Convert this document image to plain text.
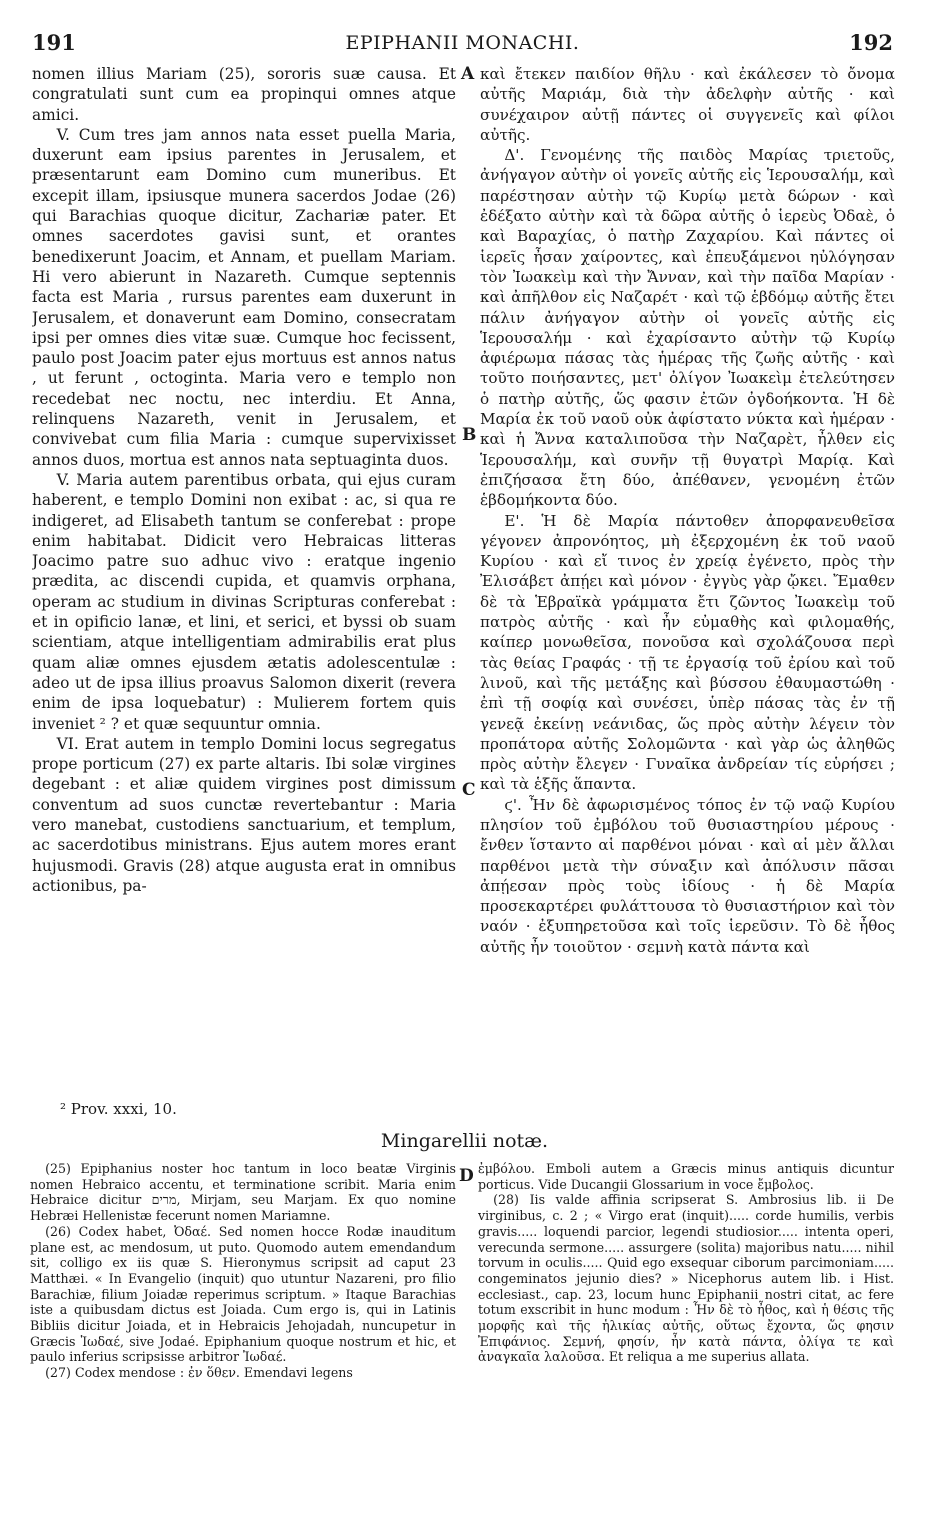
191	EPIPHANII MONACHI.	192

nomen illius Mariam (25), sororis suæ causa. Et congratulati sunt cum ea propinqui omnes atque amici.

V. Cum tres jam annos nata esset puella Maria, duxerunt eam ipsius parentes in Jerusalem, et præsentarunt eam Domino cum muneribus. Et excepit illam, ipsiusque munera sacerdos Jodae (26) qui Barachias quoque dicitur, Zachariæ pater. Et omnes sacerdotes gavisi sunt, et orantes benedixerunt Joacim, et Annam, et puellam Mariam. Hi vero abierunt in Nazareth. Cumque septennis facta est Maria , rursus parentes eam duxerunt in Jerusalem, et donaverunt eam Domino, consecratam ipsi per omnes dies vitæ suæ. Cumque hoc fecissent, paulo post Joacim pater ejus mortuus est annos natus , ut ferunt , octoginta. Maria vero e templo non recedebat nec noctu, nec interdiu. Et Anna, relinquens Nazareth, venit in Jerusalem, et convivebat cum filia Maria : cumque supervixisset annos duos, mortua est annos nata septuaginta duos.

V. Maria autem parentibus orbata, qui ejus curam haberent, e templo Domini non exibat : ac, si qua re indigeret, ad Elisabeth tantum se conferebat : prope enim habitabat. Didicit vero Hebraicas litteras Joacimo patre suo adhuc vivo : eratque ingenio prædita, ac discendi cupida, et quamvis orphana, operam ac studium in divinas Scripturas conferebat : et in opificio lanæ, et lini, et serici, et byssi ob suam scientiam, atque intelligentiam admirabilis erat plus quam aliæ omnes ejusdem ætatis adolescentulæ : adeo ut de ipsa illius proavus Salomon dixerit (revera enim de ipsa loquebatur) : Mulierem fortem quis inveniet ² ? et quæ sequuntur omnia.

VI. Erat autem in templo Domini locus segregatus prope porticum (27) ex parte altaris. Ibi solæ virgines degebant : et aliæ quidem virgines post dimissum conventum ad suos cunctæ revertebantur : Maria vero manebat, custodiens sanctuarium, et templum, ac sacerdotibus ministrans. Ejus autem mores erant hujusmodi. Gravis (28) atque augusta erat in omnibus actionibus, pa-

A
B
C
D

καὶ ἔτεκεν παιδίον θῆλυ · καὶ ἐκάλεσεν τὸ ὄνομα αὐτῆς Μαριάμ, διὰ τὴν ἀδελφὴν αὐτῆς · καὶ συνέχαιρον αὐτῇ πάντες οἱ συγγενεῖς καὶ φίλοι αὐτῆς.

Δ'. Γενομένης τῆς παιδὸς Μαρίας τριετοῦς, ἀνήγαγον αὐτὴν οἱ γονεῖς αὐτῆς εἰς Ἱερουσαλήμ, καὶ παρέστησαν αὐτὴν τῷ Κυρίῳ μετὰ δώρων · καὶ ἐδέξατο αὐτὴν καὶ τὰ δῶρα αὐτῆς ὁ ἱερεὺς Ὀδαὲ, ὁ καὶ Βαραχίας, ὁ πατὴρ Ζαχαρίου. Καὶ πάντες οἱ ἱερεῖς ἦσαν χαίροντες, καὶ ἐπευξάμενοι ηὐλόγησαν τὸν Ἰωακεὶμ καὶ τὴν Ἄνναν, καὶ τὴν παῖδα Μαρίαν · καὶ ἀπῆλθον εἰς Ναζαρέτ · καὶ τῷ ἑβδόμῳ αὐτῆς ἔτει πάλιν ἀνήγαγον αὐτὴν οἱ γονεῖς αὐτῆς εἰς Ἱερουσαλήμ · καὶ ἐχαρίσαντο αὐτὴν τῷ Κυρίῳ ἀφιέρωμα πάσας τὰς ἡμέρας τῆς ζωῆς αὐτῆς · καὶ τοῦτο ποιήσαντες, μετ' ὀλίγον Ἰωακεὶμ ἐτελεύτησεν ὁ πατὴρ αὐτῆς, ὥς φασιν ἐτῶν ὀγδοήκοντα. Ἡ δὲ Μαρία ἐκ τοῦ ναοῦ οὐκ ἀφίστατο νύκτα καὶ ἡμέραν · καὶ ἡ Ἄννα καταλιποῦσα τὴν Ναζαρὲτ, ἦλθεν εἰς Ἱερουσαλήμ, καὶ συνῆν τῇ θυγατρὶ Μαρίᾳ. Καὶ ἐπιζήσασα ἔτη δύο, ἀπέθανεν, γενομένη ἐτῶν ἑβδομήκοντα δύο.

Ε'. Ἡ δὲ Μαρία πάντοθεν ἀπορφανευθεῖσα γέγονεν ἀπρονόητος, μὴ ἐξερχομένη ἐκ τοῦ ναοῦ Κυρίου · καὶ εἴ τινος ἐν χρείᾳ ἐγένετο, πρὸς τὴν Ἐλισάβετ ἀπῄει καὶ μόνον · ἐγγὺς γὰρ ᾤκει. Ἔμαθεν δὲ τὰ Ἑβραϊκὰ γράμματα ἔτι ζῶντος Ἰωακεὶμ τοῦ πατρὸς αὐτῆς · καὶ ἦν εὐμαθὴς καὶ φιλομαθής, καίπερ μονωθεῖσα, πονοῦσα καὶ σχολάζουσα περὶ τὰς θείας Γραφάς · τῇ τε ἐργασίᾳ τοῦ ἐρίου καὶ τοῦ λινοῦ, καὶ τῆς μετάξης καὶ βύσσου ἐθαυμαστώθη · ἐπὶ τῇ σοφίᾳ καὶ συνέσει, ὑπὲρ πάσας τὰς ἐν τῇ γενεᾷ ἐκείνῃ νεάνιδας, ὥς πρὸς αὐτὴν λέγειν τὸν προπάτορα αὐτῆς Σολομῶντα · καὶ γὰρ ὡς ἀληθῶς πρὸς αὐτὴν ἔλεγεν · Γυναῖκα ἀνδρείαν τίς εὑρήσει ; καὶ τὰ ἑξῆς ἅπαντα.

ϛ'. Ἦν δὲ ἀφωρισμένος τόπος ἐν τῷ ναῷ Κυρίου πλησίον τοῦ ἐμβόλου τοῦ θυσιαστηρίου μέρους · ἔνθεν ἵσταντο αἱ παρθένοι μόναι · καὶ αἱ μὲν ἄλλαι παρθένοι μετὰ τὴν σύναξιν καὶ ἀπόλυσιν πᾶσαι ἀπῄεσαν πρὸς τοὺς ἰδίους · ἡ δὲ Μαρία προσεκαρτέρει φυλάττουσα τὸ θυσιαστήριον καὶ τὸν ναόν · ἐξυπηρετοῦσα καὶ τοῖς ἱερεῦσιν. Τὸ δὲ ἦθος αὐτῆς ἦν τοιοῦτον · σεμνὴ κατὰ πάντα καὶ

² Prov. xxxi, 10.
Mingarellii notæ.

(25) Epiphanius noster hoc tantum in loco beatæ Virginis nomen Hebraico accentu, et terminatione scribit. Maria enim Hebraice dicitur מרים, Mirjam, seu Marjam. Ex quo nomine Hebræi Hellenistæ fecerunt nomen Mariamne.

(26) Codex habet, Ὀδαέ. Sed nomen hocce Rodæ inauditum plane est, ac mendosum, ut puto. Quomodo autem emendandum sit, colligo ex iis quæ S. Hieronymus scripsit ad caput 23 Matthæi. « In Evangelio (inquit) quo utuntur Nazareni, pro filio Barachiæ, filium Joiadæ reperimus scriptum. » Itaque Barachias iste a quibusdam dictus est Joiada. Cum ergo is, qui in Latinis Bibliis dicitur Joiada, et in Hebraicis Jehojadah, nuncupetur in Græcis Ἰωδαέ, sive Jodaé. Epiphanium quoque nostrum et hic, et paulo inferius scripsisse arbitror Ἰωδαέ.

(27) Codex mendose : ἐν ὅθεν. Emendavi legens

ἐμβόλου. Emboli autem a Græcis minus antiquis dicuntur porticus. Vide Ducangii Glossarium in voce ἔμβολος.

(28) Iis valde affinia scripserat S. Ambrosius lib. ii De virginibus, c. 2 ; « Virgo erat (inquit)..... corde humilis, verbis gravis..... loquendi parcior, legendi studiosior..... intenta operi, verecunda sermone..... assurgere (solita) majoribus natu..... nihil torvum in oculis..... Quid ego exsequar ciborum parcimoniam..... congeminatos jejunio dies? » Nicephorus autem lib. i Hist. ecclesiast., cap. 23, locum hunc Epiphanii nostri citat, ac fere totum exscribit in hunc modum : Ἦν δὲ τὸ ἦθος, καὶ ἡ θέσις τῆς μορφῆς καὶ τῆς ἡλικίας αὐτῆς, οὕτως ἔχοντα, ὥς φησιν Ἐπιφάνιος. Σεμνή, φησίν, ἦν κατὰ πάντα, ὀλίγα τε καὶ ἀναγκαῖα λαλοῦσα. Et reliqua a me superius allata.
